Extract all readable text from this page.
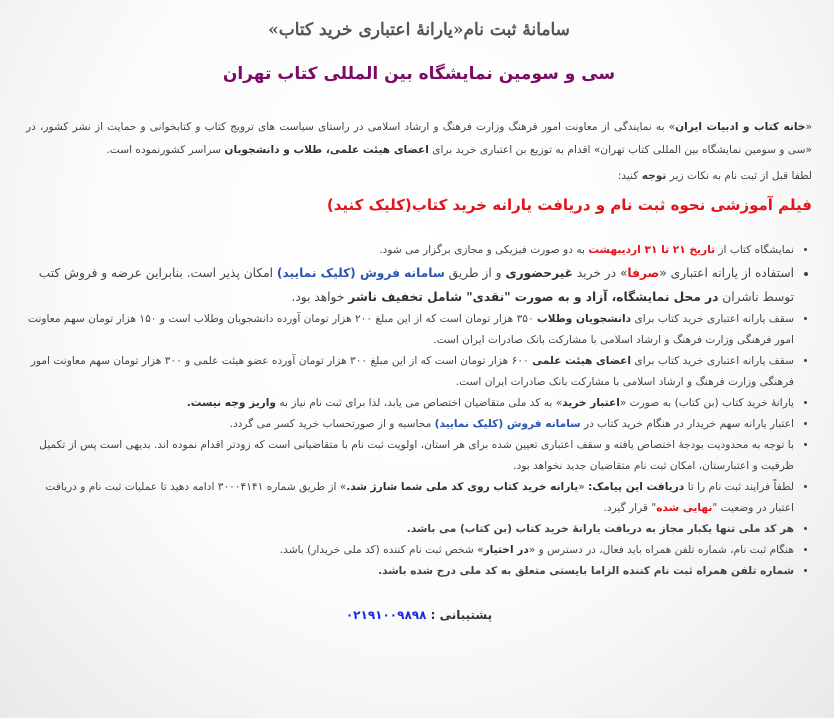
سامانهٔ ثبت نام«یارانهٔ اعتباری خرید کتاب»
سی و سومین نمایشگاه بین المللی کتاب تهران

«خانه کتاب و ادبیات ایران» به نمایندگی از معاونت امور فرهنگ وزارت فرهنگ و ارشاد اسلامی در راستای سیاست های ترویج کتاب و کتابخوانی و حمایت از نشر کشور، در «سی و سومین نمایشگاه بین المللی کتاب تهران» اقدام به توزیع بن اعتباری خرید برای اعضای هیئت علمی، طلاب و دانشجویان سراسر کشورنموده است.

لطفا قبل از ثبت نام به نکات زیر توجه کنید:

فیلم آموزشی نحوه ثبت نام و دریافت یارانه خرید کتاب(کلیک کنید)
• نمایشگاه کتاب از تاریخ ۲۱ تا ۳۱ اردیبهشت به دو صورت فیزیکی و مجازی برگزار می شود.
• استفاده از یارانه اعتباری «صرفا» در خرید غیرحضوری و از طریق سامانه فروش (کلیک نمایید) امکان پذیر است. بنابراین عرضه و فروش کتب توسط ناشران در محل نمایشگاه، آزاد و به صورت "نقدی" شامل تخفیف ناشر خواهد بود.
• سقف یارانه اعتباری خرید کتاب برای دانشجویان وطلاب ۳۵۰ هزار تومان است که از این مبلغ ۲۰۰ هزار تومان آورده دانشجویان وطلاب است و ۱۵۰ هزار تومان سهم معاونت امور فرهنگی وزارت فرهنگ و ارشاد اسلامی با مشارکت بانک صادرات ایران است.
• سقف یارانه اعتباری خرید کتاب برای اعضای هیئت علمی ۶۰۰ هزار تومان است که از این مبلغ ۳۰۰ هزار تومان آورده عضو هیئت علمی و ۳۰۰ هزار تومان سهم معاونت امور فرهنگی وزارت فرهنگ و ارشاد اسلامی با مشارکت بانک صادرات ایران است.
• یارانهٔ خرید کتاب (بن کتاب) به صورت «اعتبار خرید» به کد ملی متقاضیان اختصاص می یابد، لذا برای ثبت نام نیاز به واریز وجه نیست.
• اعتبار یارانه سهم خریدار در هنگام خرید کتاب در سامانه فروش (کلیک نمایید) محاسبه و از صورتحساب خرید کسر می گردد.
• با توجه به محدودیت بودجهٔ اختصاص یافته و سقف اعتباری تعیین شده برای هر استان، اولویت ثبت نام با متقاضیانی است که زودتر اقدام نموده اند. بدیهی است پس از تکمیل ظرفیت و اعتبارستان، امکان ثبت نام متقاضیان جدید نخواهد بود.
• لطفاً فرایند ثبت نام را تا دریافت این پیامک: «یارانه خرید کتاب روی کد ملی شما شارژ شد.» از طریق شماره ۳۰۰۰۴۱۴۱ ادامه دهید تا عملیات ثبت نام و دریافت اعتبار در وضعیت "نهایی شده" قرار گیرد.
• هر کد ملی تنها یکبار مجاز به دریافت یارانهٔ خرید کتاب (بن کتاب) می باشد.
• هنگام ثبت نام، شماره تلفن همراه باید فعال، در دسترس و «در اختیار» شخص ثبت نام کننده (کد ملی خریدار) باشد.
• شماره تلفن همراه ثبت نام کننده الزاما بایستی متعلق به کد ملی درج شده باشد.

پشتیبانی : ۰۲۱۹۱۰۰۹۸۹۸
